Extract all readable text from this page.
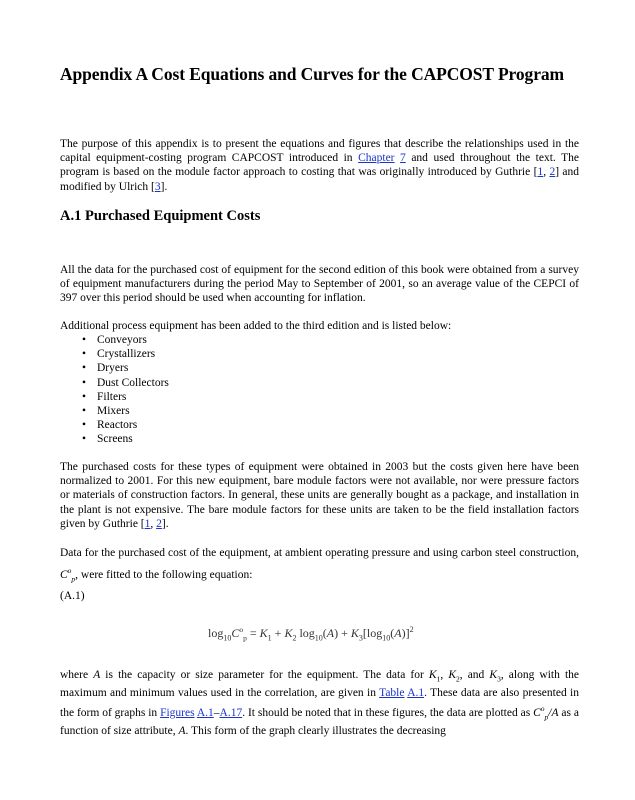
Appendix A Cost Equations and Curves for the CAPCOST Program

The purpose of this appendix is to present the equations and figures that describe the relationships used in the capital equipment-costing program CAPCOST introduced in Chapter 7 and used throughout the text. The program is based on the module factor approach to costing that was originally introduced by Guthrie [1, 2] and modified by Ulrich [3].

A.1 Purchased Equipment Costs

All the data for the purchased cost of equipment for the second edition of this book were obtained from a survey of equipment manufacturers during the period May to September of 2001, so an average value of the CEPCI of 397 over this period should be used when accounting for inflation.

Additional process equipment has been added to the third edition and is listed below:

• Conveyors
• Crystallizers
• Dryers
• Dust Collectors
• Filters
• Mixers
• Reactors
• Screens

The purchased costs for these types of equipment were obtained in 2003 but the costs given here have been normalized to 2001. For this new equipment, bare module factors were not available, nor were pressure factors or materials of construction factors. In general, these units are generally bought as a package, and installation in the plant is not expensive. The bare module factors for these units are taken to be the field installation factors given by Guthrie [1, 2].

Data for the purchased cost of the equipment, at ambient operating pressure and using carbon steel construction, $C^o_p$, were fitted to the following equation:

(A.1)
$\log_{10}C^o_p = K_1 + K_2$ $\log_{10}(A) + K_3[\log_{10}(A)]^2$

where A is the capacity or size parameter for the equipment. The data for $K_1$, $K_2$, and $K_3$, along with the maximum and minimum values used in the correlation, are given in Table A.1. These data are also presented in the form of graphs in Figures A.1–A.17. It should be noted that in these figures, the data are plotted as $C^o_p/A$ as a function of size attribute, A. This form of the graph clearly illustrates the decreasing
